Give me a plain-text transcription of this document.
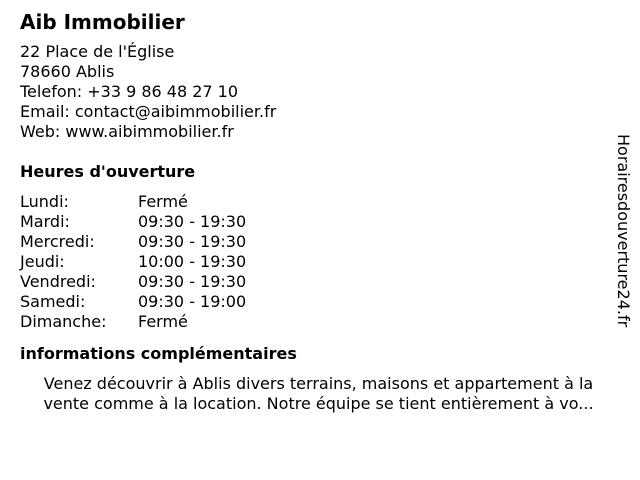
Aib Immobilier
22 Place de l'Église
78660 Ablis
Telefon: +33 9 86 48 27 10
Email: contact@aibimmobilier.fr
Web: www.aibimmobilier.fr
Heures d'ouverture
Lundi:	Fermé
Mardi:	09:30 - 19:30
Mercredi:	09:30 - 19:30
Jeudi:	10:00 - 19:30
Vendredi:	09:30 - 19:30
Samedi:	09:30 - 19:00
Dimanche:	Fermé
informations complémentaires
Venez découvrir à Ablis divers terrains, maisons et appartement à la
vente comme à la location. Notre équipe se tient entièrement à vo...
Horairesdouverture24.fr
